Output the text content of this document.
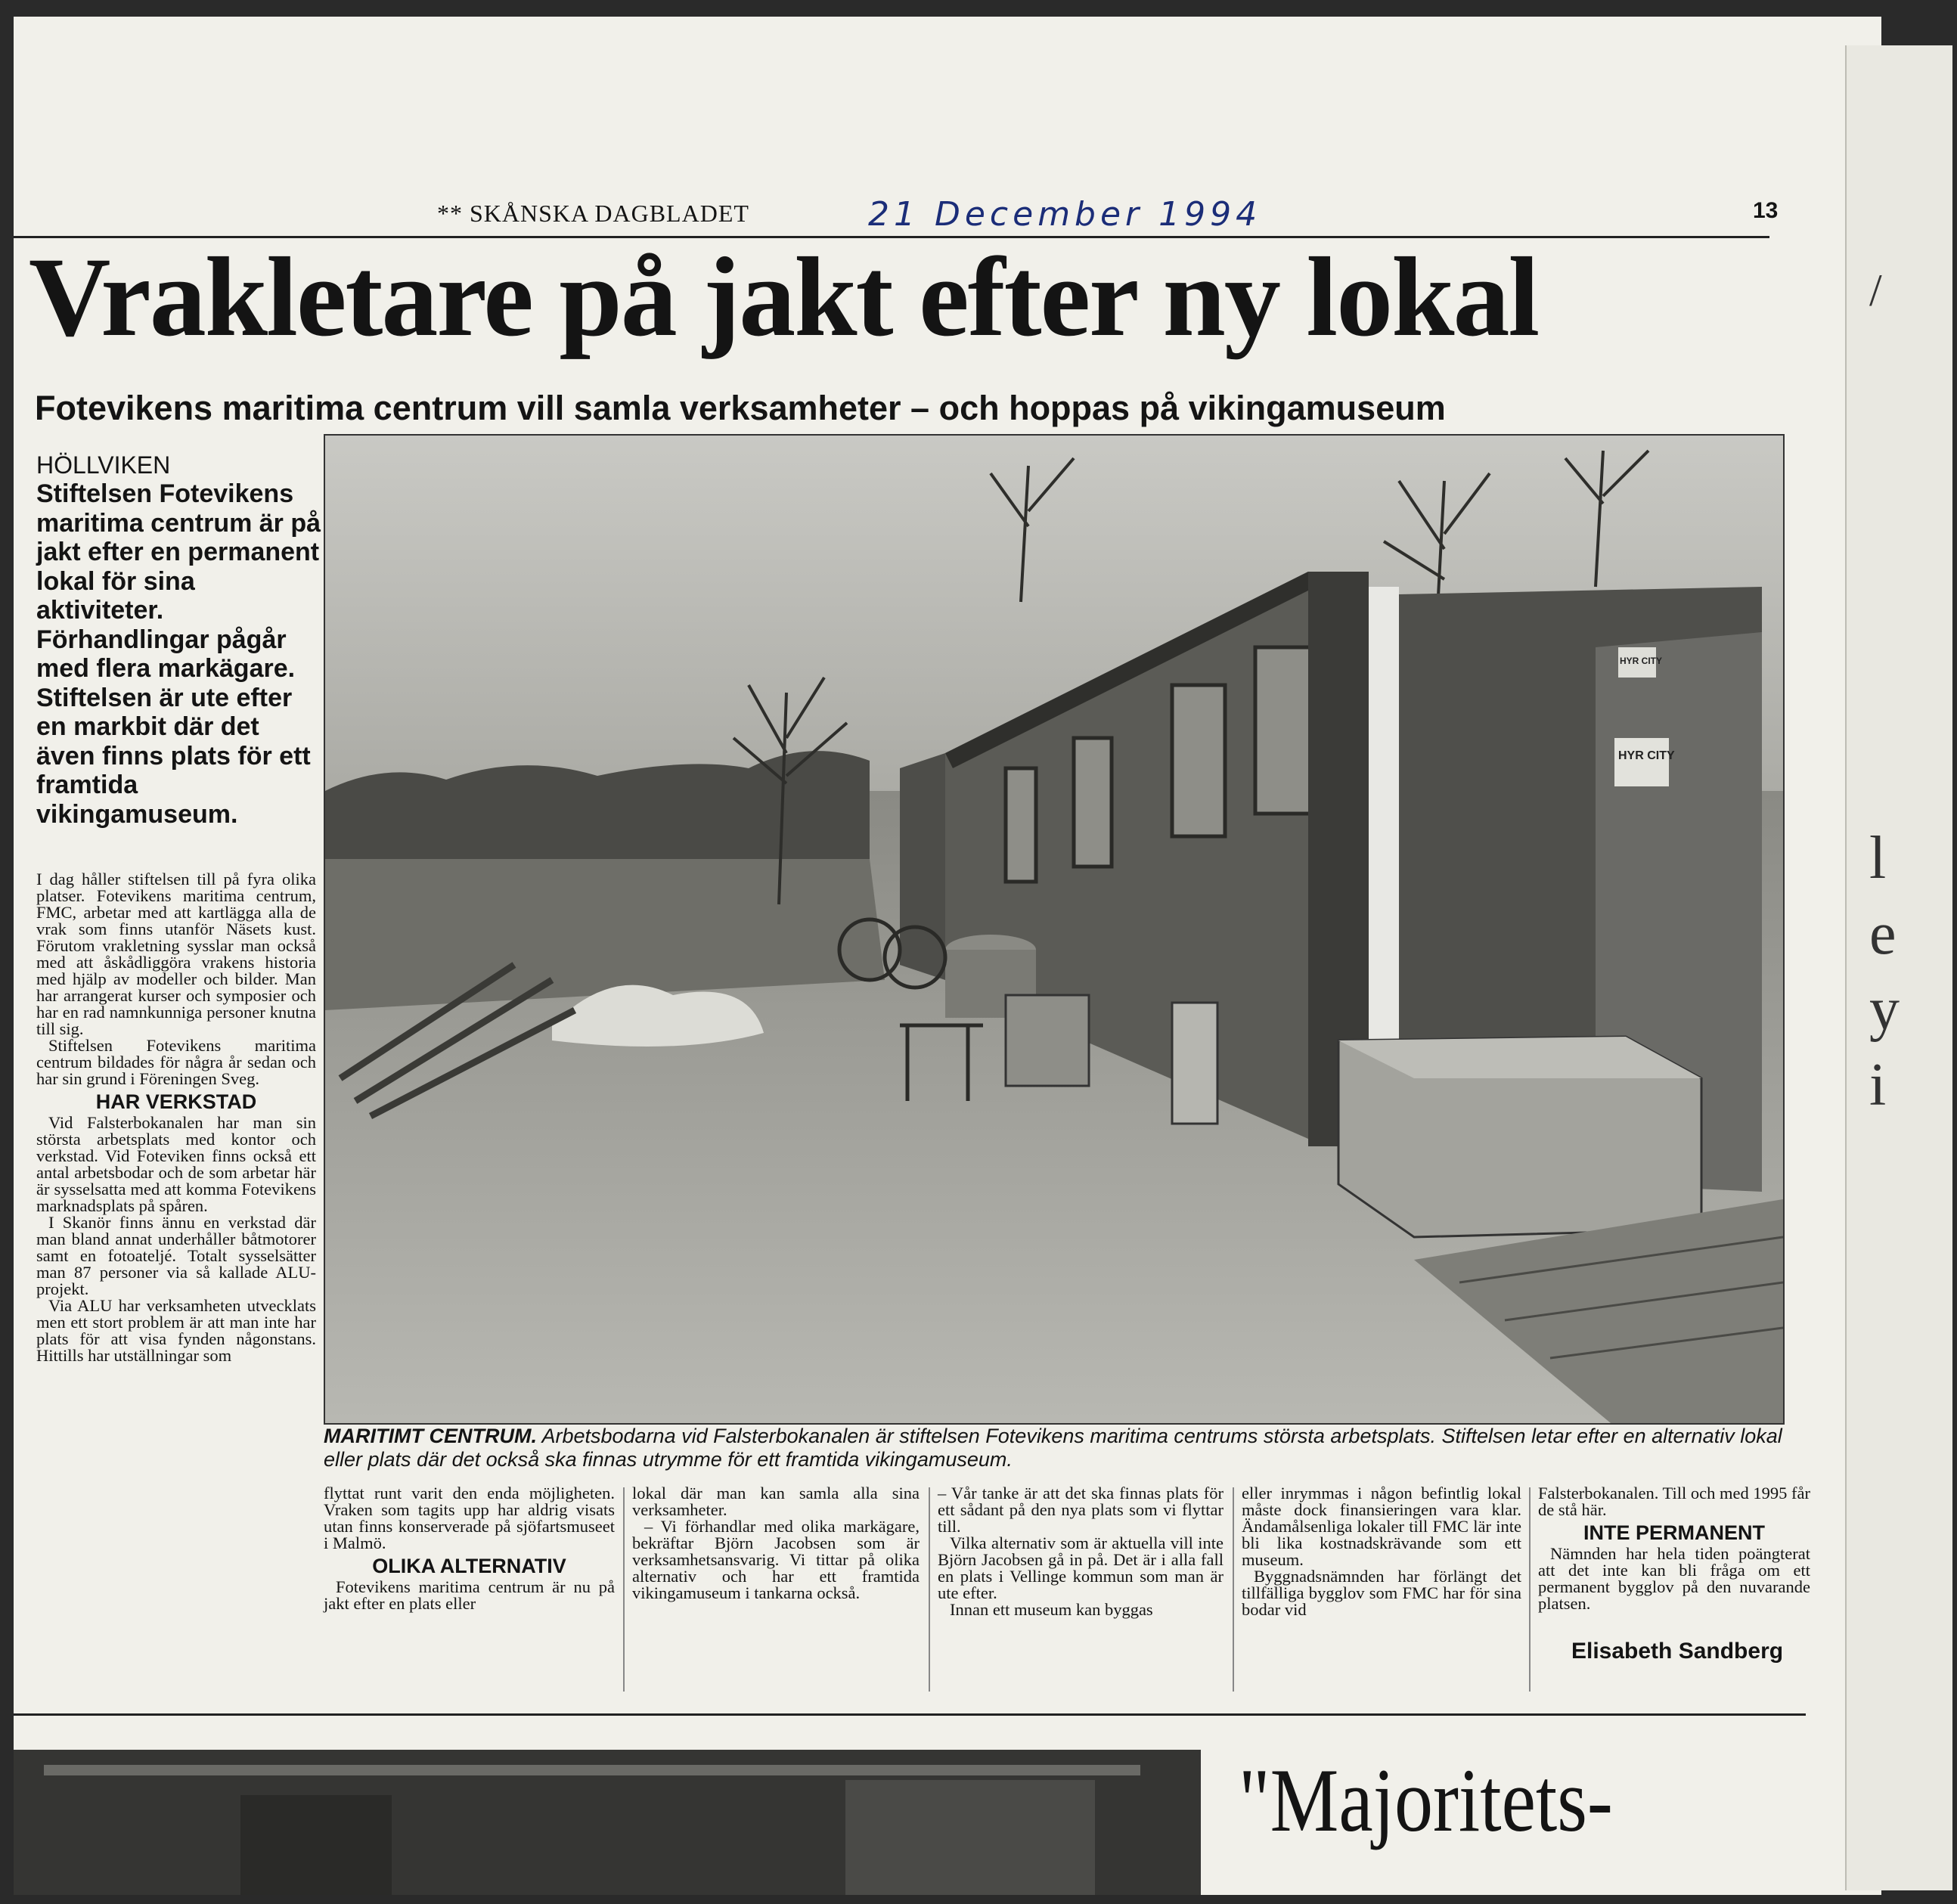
** SKÅNSKA DAGBLADET	21 December 1994	13
Vrakletare på jakt efter ny lokal
Fotevikens maritima centrum vill samla verksamheter – och hoppas på vikingamuseum
HÖLLVIKEN

Stiftelsen Fotevikens maritima centrum är på jakt efter en permanent lokal för sina aktiviteter. Förhandlingar pågår med flera markägare.

Stiftelsen är ute efter en markbit där det även finns plats för ett framtida vikingamuseum.

I dag håller stiftelsen till på fyra olika platser. Fotevikens maritima centrum, FMC, arbetar med att kartlägga alla de vrak som finns utanför Näsets kust. Förutom vrakletning sysslar man också med att åskådliggöra vrakens historia med hjälp av modeller och bilder. Man har arrangerat kurser och symposier och har en rad namnkunniga personer knutna till sig.

Stiftelsen Fotevikens maritima centrum bildades för några år sedan och har sin grund i Föreningen Sveg.

HAR VERKSTAD

Vid Falsterbokanalen har man sin största arbetsplats med kontor och verkstad. Vid Foteviken finns också ett antal arbetsbodar och de som arbetar här är sysselsatta med att komma Fotevikens marknadsplats på spåren.

I Skanör finns ännu en verkstad där man bland annat underhåller båtmotorer samt en fotoateljé. Totalt sysselsätter man 87 personer via så kallade ALU-projekt.

Via ALU har verksamheten utvecklats men ett stort problem är att man inte har plats för att visa fynden någonstans. Hittills har utställningar som

HYR CITY
HYR CITY
MARITIMT CENTRUM. Arbetsbodarna vid Falsterbokanalen är stiftelsen Fotevikens maritima centrums största arbetsplats. Stiftelsen letar efter en alternativ lokal eller plats där det också ska finnas utrymme för ett framtida vikingamuseum.

flyttat runt varit den enda möjligheten. Vraken som tagits upp har aldrig visats utan finns konserverade på sjöfartsmuseet i Malmö.

OLIKA ALTERNATIV

Fotevikens maritima centrum är nu på jakt efter en plats eller

lokal där man kan samla alla sina verksamheter.

– Vi förhandlar med olika markägare, bekräftar Björn Jacobsen som är verksamhetsansvarig. Vi tittar på olika alternativ och har ett framtida vikingamuseum i tankarna också.

– Vår tanke är att det ska finnas plats för ett sådant på den nya plats som vi flyttar till.

Vilka alternativ som är aktuella vill inte Björn Jacobsen gå in på. Det är i alla fall en plats i Vellinge kommun som man är ute efter.

Innan ett museum kan byggas

eller inrymmas i någon befintlig lokal måste dock finansieringen vara klar. Ändamålsenliga lokaler till FMC lär inte bli lika kostnadskrävande som ett museum.

Byggnadsnämnden har förlängt det tillfälliga bygglov som FMC har för sina bodar vid

Falsterbokanalen. Till och med 1995 får de stå här.

INTE PERMANENT

Nämnden har hela tiden poängterat att det inte kan bli fråga om ett permanent bygglov på den nuvarande platsen.

Elisabeth Sandberg
"Majoritets-
/
l
e
y
i
